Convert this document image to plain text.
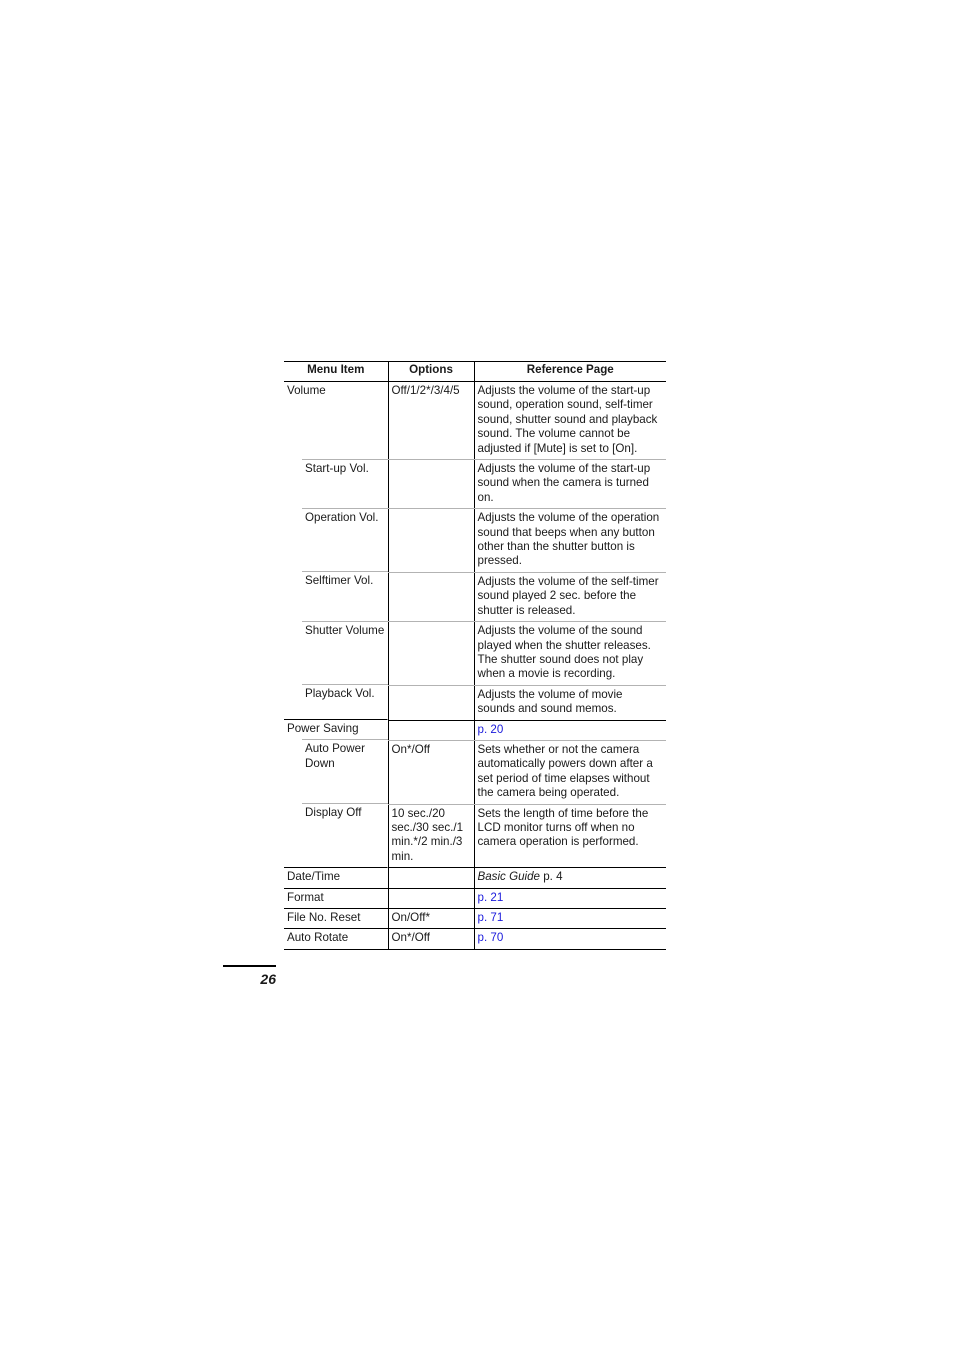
Menu Item	Options	Reference Page
Volume	Off/1/2*/3/4/5	Adjusts the volume of the start-up sound, operation sound, self-timer sound, shutter sound and playback sound. The volume cannot be adjusted if [Mute] is set to [On].
Start-up Vol.		Adjusts the volume of the start-up sound when the camera is turned on.
Operation Vol.		Adjusts the volume of the operation sound that beeps when any button other than the shutter button is pressed.
Selftimer Vol.		Adjusts the volume of the self-timer sound played 2 sec. before the shutter is released.
Shutter Volume		Adjusts the volume of the sound played when the shutter releases. The shutter sound does not play when a movie is recording.
Playback Vol.		Adjusts the volume of movie sounds and sound memos.
Power Saving		p. 20
Auto Power Down	On*/Off	Sets whether or not the camera automatically powers down after a set period of time elapses without the camera being operated.
Display Off	10 sec./20 sec./30 sec./1 min.*/2 min./3 min.	Sets the length of time before the LCD monitor turns off when no camera operation is performed.
Date/Time		Basic Guide p. 4
Format		p. 21
File No. Reset	On/Off*	p. 71
Auto Rotate	On*/Off	p. 70
26
